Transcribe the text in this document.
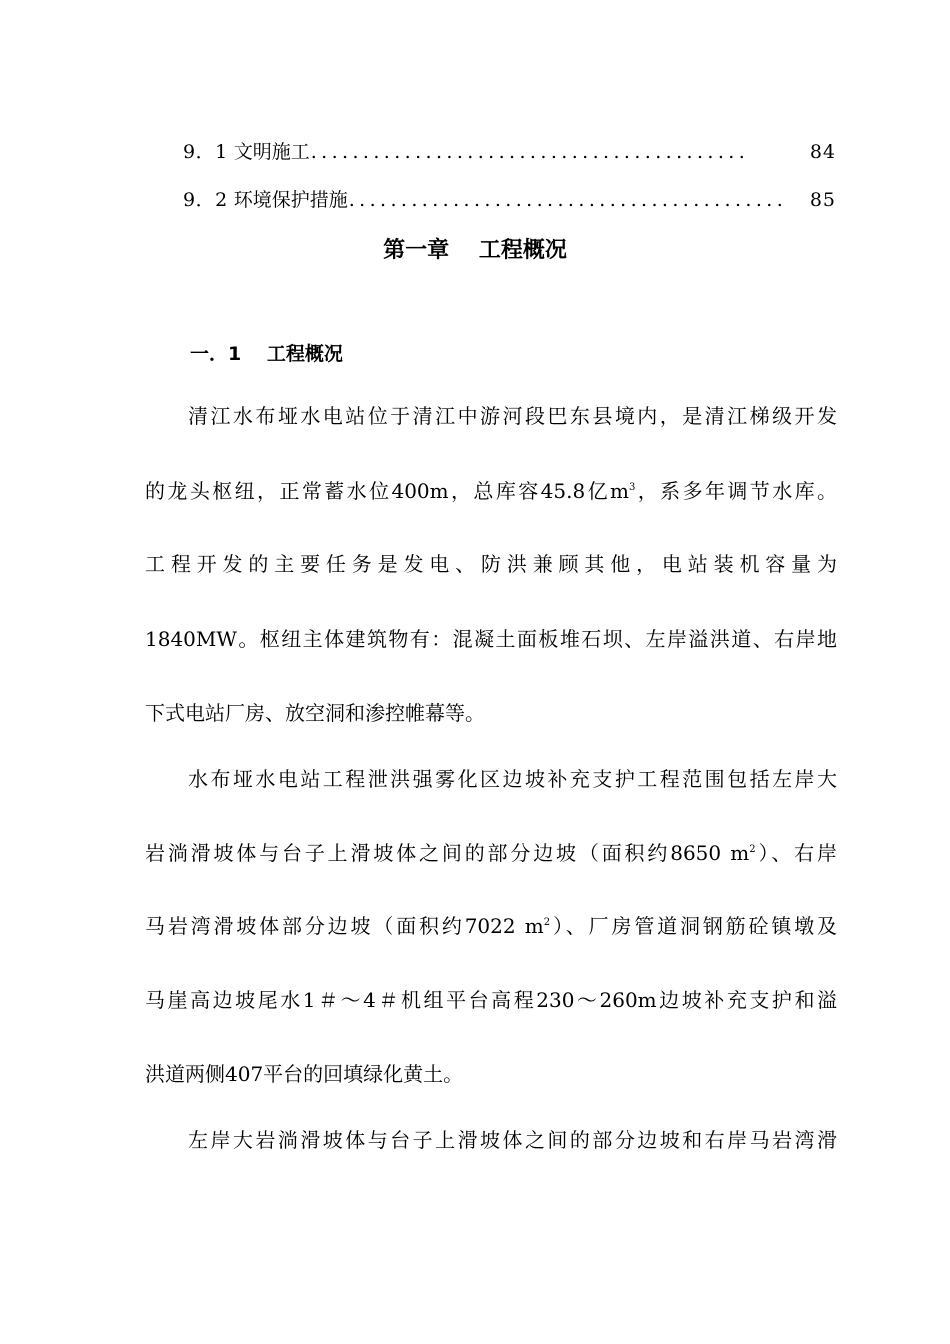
9．1 文明施工 ..........................................	84
9．2 环境保护措施 ..........................................	85
第一章　 工程概况
一．1　 工程概况
清江水布垭水电站位于清江中游河段巴东县境内，是清江梯级开发
的龙头枢纽，正常蓄水位400m，总库容45.8亿$m^3$，系多年调节水库。
工程开发的主要任务是发电、防洪兼顾其他，电站装机容量为
1840MW。枢纽主体建筑物有：混凝土面板堆石坝、左岸溢洪道、右岸地
下式电站厂房、放空洞和渗控帷幕等。
水布垭水电站工程泄洪强雾化区边坡补充支护工程范围包括左岸大
岩淌滑坡体与台子上滑坡体之间的部分边坡（面积约8650 $m^2$）、右岸
马岩湾滑坡体部分边坡（面积约7022 $m^2$）、厂房管道洞钢筋砼镇墩及
马崖高边坡尾水1＃～4＃机组平台高程230～260m边坡补充支护和溢
洪道两侧407平台的回填绿化黄土。
左岸大岩淌滑坡体与台子上滑坡体之间的部分边坡和右岸马岩湾滑
